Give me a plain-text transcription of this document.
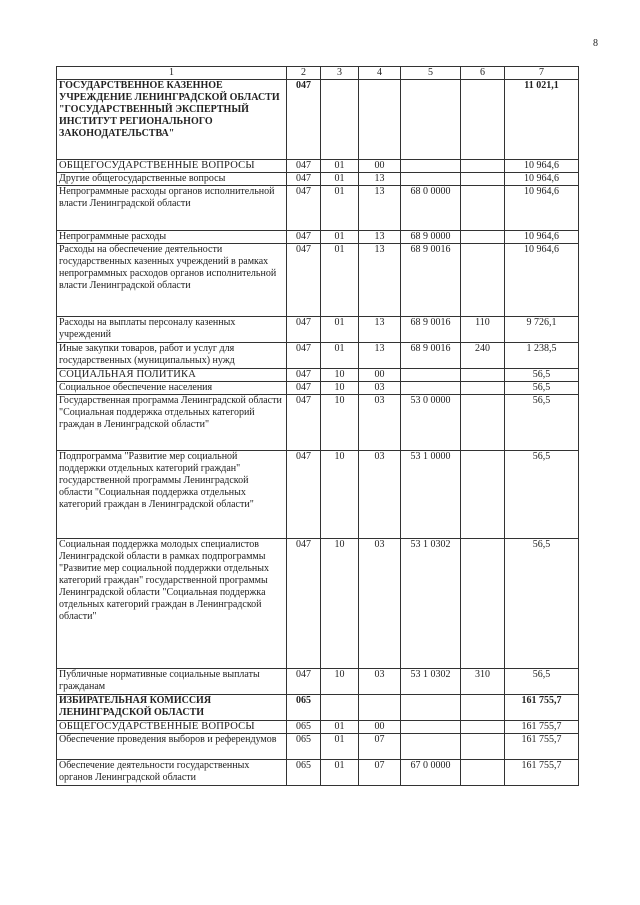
8
1	2	3	4	5	6	7
ГОСУДАРСТВЕННОЕ КАЗЕННОЕ УЧРЕЖДЕНИЕ ЛЕНИНГРАДСКОЙ ОБЛАСТИ "ГОСУДАРСТВЕННЫЙ ЭКСПЕРТНЫЙ ИНСТИТУТ РЕГИОНАЛЬНОГО ЗАКОНОДАТЕЛЬСТВА"	047					11 021,1
ОБЩЕГОСУДАРСТВЕННЫЕ ВОПРОСЫ	047	01	00			10 964,6
Другие общегосударственные вопросы	047	01	13			10 964,6
Непрограммные расходы органов исполнительной власти Ленинградской области	047	01	13	68 0 0000		10 964,6
Непрограммные расходы	047	01	13	68 9 0000		10 964,6
Расходы на обеспечение деятельности государственных казенных учреждений в рамках непрограммных расходов органов исполнительной власти Ленинградской области	047	01	13	68 9 0016		10 964,6
Расходы на выплаты персоналу казенных учреждений	047	01	13	68 9 0016	110	9 726,1
Иные закупки товаров, работ и услуг для государственных (муниципальных) нужд	047	01	13	68 9 0016	240	1 238,5
СОЦИАЛЬНАЯ ПОЛИТИКА	047	10	00			56,5
Социальное обеспечение населения	047	10	03			56,5
Государственная программа Ленинградской области "Социальная поддержка отдельных категорий граждан в Ленинградской области"	047	10	03	53 0 0000		56,5
Подпрограмма "Развитие мер социальной поддержки отдельных категорий граждан" государственной программы Ленинградской области "Социальная поддержка отдельных категорий граждан в Ленинградской области"	047	10	03	53 1 0000		56,5
Социальная поддержка молодых специалистов Ленинградской области в рамках подпрограммы "Развитие мер социальной поддержки отдельных категорий граждан" государственной программы Ленинградской области "Социальная поддержка отдельных категорий граждан в Ленинградской области"	047	10	03	53 1 0302		56,5
Публичные нормативные социальные выплаты гражданам	047	10	03	53 1 0302	310	56,5
ИЗБИРАТЕЛЬНАЯ КОМИССИЯ ЛЕНИНГРАДСКОЙ ОБЛАСТИ	065					161 755,7
ОБЩЕГОСУДАРСТВЕННЫЕ ВОПРОСЫ	065	01	00			161 755,7
Обеспечение проведения выборов и референдумов	065	01	07			161 755,7
Обеспечение деятельности государственных органов Ленинградской области	065	01	07	67 0 0000		161 755,7
